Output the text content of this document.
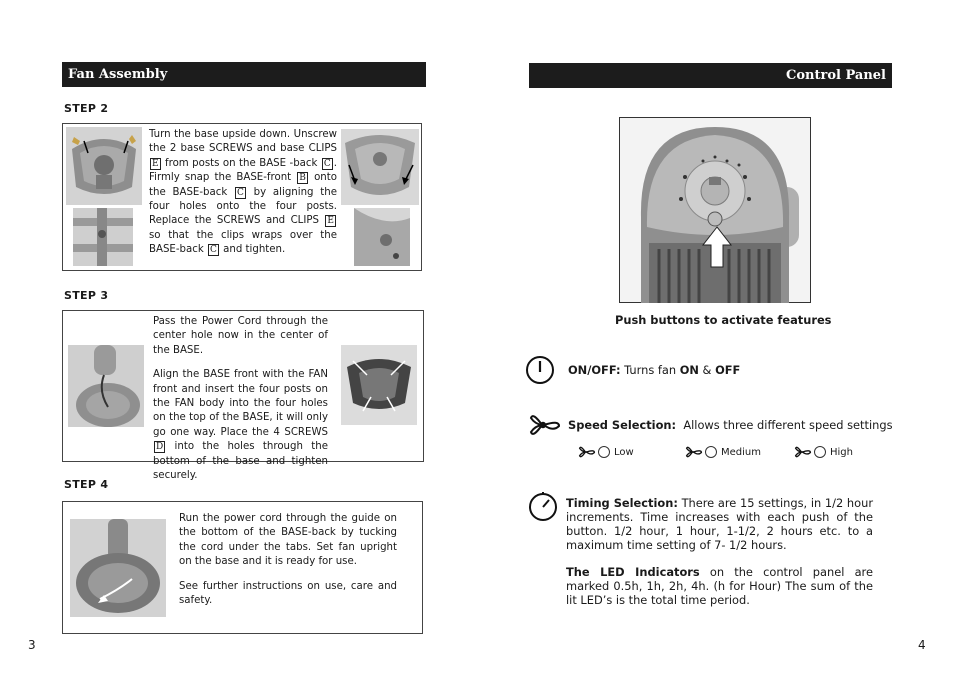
Fan Assembly
STEP 2
Turn the base upside down. Unscrew the 2 base SCREWS and base CLIPS E from posts on the BASE -back C . Firmly snap the BASE-front B onto the BASE-back C by aligning the four holes onto the four posts. Replace the SCREWS and CLIPS E so that the clips wraps over the BASE-back C and tighten.
STEP 3

Pass the Power Cord through the center hole now in the center of the BASE.

Align the BASE front with the FAN front and insert the four posts on the FAN body into the four holes on the top of the BASE, it will only go one way. Place the 4 SCREWS D into the holes through the bottom of the base and tighten securely.

STEP 4

Run the power cord through the guide on the bottom of the BASE-back by tucking the cord under the tabs. Set fan upright on the base and it is ready for use.

See further instructions on use, care and safety.

3
Control Panel
Push buttons to activate features
ON/OFF: Turns fan ON & OFF
Speed Selection: Allows three different speed settings
Low	Medium	High
Timing Selection: There are 15 settings, in 1/2 hour increments. Time increases with each push of the button. 1/2 hour, 1 hour, 1-1/2, 2 hours etc. to a maximum time setting of 7- 1/2 hours.
The LED Indicators on the control panel are marked 0.5h, 1h, 2h, 4h. (h for Hour) The sum of the lit LED’s is the total time period.
4
